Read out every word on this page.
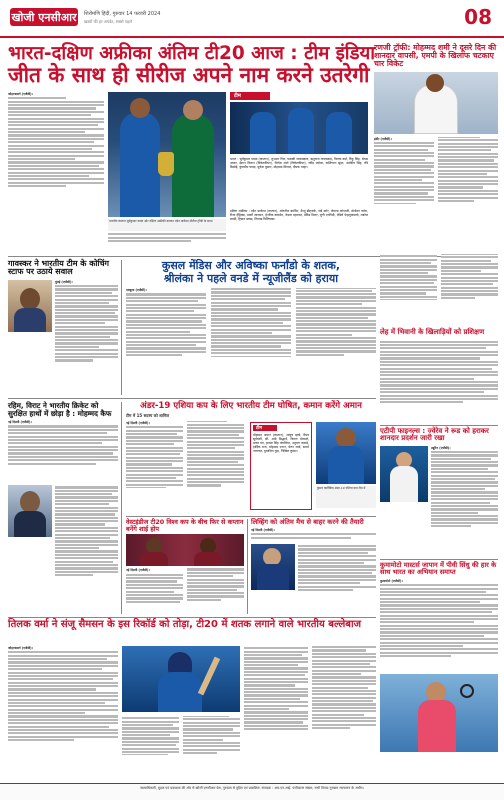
खोजी एनसीआर शिरोमणि हिंदी, गुरुवार 14 फरवरी 2024
खबरों की हर अपडेट, सबसे पहले	08
भारत-दक्षिण अफ्रीका अंतिम टी20 आज : टीम इंडिया
जीत के साथ ही सीरीज अपने नाम करने उतरेगी
जोहान्सबर्ग (एजेंसी)।
भारतीय कप्तान सूर्यकुमार यादव और दक्षिण अफ्रीकी कप्तान एडेन मार्करम सीरीज ट्रॉफी के साथ।
टीम
भारत : सूर्यकुमार यादव (कप्तान), शुभमन गिल, यशस्वी जायसवाल, ऋतुराज गायकवाड़, तिलक वर्मा, रिंकू सिंह, श्रेयस अय्यर, ईशान किशन (विकेटकीपर), जितेश शर्मा (विकेटकीपर), रवींद्र जडेजा, वाशिंगटन सुंदर, अर्शदीप सिंह, रवि बिश्नोई, कुलदीप यादव, मुकेश कुमार, मोहम्मद सिराज, दीपक चाहर।
दक्षिण अफ्रीका : एडेन मार्करम (कप्तान), ओटनील बार्टमैन, मैथ्यू ब्रीट्जके, नांद्रे बर्गर, जेराल्ड कोएत्जी, डोनोवन फरेरा, रीजा हेंड्रिक्स, मार्को जानसन, हेनरिक क्लासेन, केशव महाराज, डेविड मिलर, लुंगी एनगिडी, एंडिले फेहलुकवायो, तबरेज शम्सी, ट्रिस्टन स्टब्स, लिजाड विलियम्स।
रणजी ट्रॉफी: मोहम्मद शमी ने दूसरे दिन की शानदार वापसी, एमपी के खिलाफ चटकाए चार विकेट
इंदौर (एजेंसी)।
गावस्कर ने भारतीय टीम के कोचिंग स्टाफ पर उठाये सवाल
मुंबई (एजेंसी)।
कुसल मेंडिस और अविष्का फर्नांडो के शतक,
श्रीलंका ने पहले वनडे में न्यूजीलैंड को हराया
दाम्बुला (एजेंसी)।
लेह में भिवानी के खिलाड़ियों को प्रशिक्षण
रहिम, विराट ने भारतीय क्रिकेट को सुरक्षित हाथों में छोड़ा है : मोहम्मद कैफ
नई दिल्ली (एजेंसी)।
अंडर-19 एशिया कप के लिए भारतीय टीम घोषित, कमान करेंगे अमान
टीम में 15 सदस्य को शामिल
नई दिल्ली (एजेंसी)।
टीम
मोहम्मद अमान (कप्तान), आयुष म्हात्रे, वैभव सूर्यवंशी, सी. आंद्रे सिद्धार्थ, किरण चोरमले, प्रणव पंत, हरवंश सिंह पंगालिया, अनुराग कवाड़े, हार्दिक राज, मोहम्मद एनान, चेतन शर्मा, समर्थ नागराज, युधाजित गुहा, निखिल कुमार।
कुमार कार्तिकेय अंडर-19 एशिया कप टीम में
वेस्टइंडीज टी20 विश्व कप के बीच फिर से कप्तान बनेंगे शाई होप
नई दिल्ली (एजेंसी)।
लिव्हिंग को अंतिम मैच से बाहर करने की तैयारी
नई दिल्ली (एजेंसी)।
एटीपी फाइनल्स : ज्वेरेव ने रूड को हराकर शानदार प्रदर्शन जारी रखा
ट्यूरिन (एजेंसी)।
कुमामोटो मास्टर्स जापान में पीवी सिंधु की हार के साथ भारत का अभियान समाप्त
कुमामोटो (एजेंसी)।
तिलक वर्मा ने संजू सैमसन के इस रिकॉर्ड को तोड़ा, टी20 में शतक लगाने वाले भारतीय बल्लेबाज
जोहान्सबर्ग (एजेंसी)।
स्वत्वाधिकारी, मुद्रक एवं प्रकाशक की ओर से खोजी एनसीआर प्रेस, गुरुग्राम से मुद्रित एवं प्रकाशित। संपादक : आर.एन.आई. पंजीकरण संख्या, सभी विवाद गुरुग्राम न्यायालय के अधीन।
